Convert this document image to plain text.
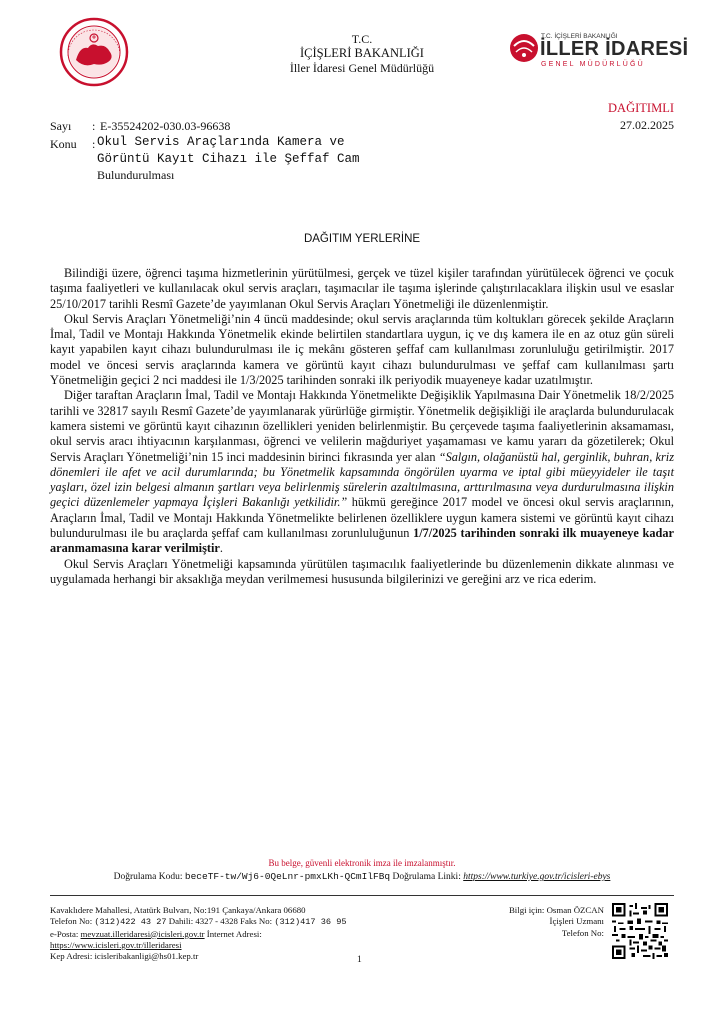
T.C.
İÇİŞLERİ BAKANLIĞI
İller İdaresi Genel Müdürlüğü
T.C. İÇİŞLERİ BAKANLIĞI
İLLER İDARESİ
GENEL MÜDÜRLÜĞÜ
DAĞITIMLI
27.02.2025
Sayı : E-35524202-030.03-96638
Konu : Okul Servis Araçlarında Kamera ve
Görüntü Kayıt Cihazı ile Şeffaf Cam
Bulundurulması
DAĞITIM YERLERİNE

Bilindiği üzere, öğrenci taşıma hizmetlerinin yürütülmesi, gerçek ve tüzel kişiler tarafından yürütülecek öğrenci ve çocuk taşıma faaliyetleri ve kullanılacak okul servis araçları, taşımacılar ile taşıma işlerinde çalıştırılacaklara ilişkin usul ve esaslar 25/10/2017 tarihli Resmî Gazete’de yayımlanan Okul Servis Araçları Yönetmeliği ile düzenlenmiştir.

Okul Servis Araçları Yönetmeliği’nin 4 üncü maddesinde; okul servis araçlarında tüm koltukları görecek şekilde Araçların İmal, Tadil ve Montajı Hakkında Yönetmelik ekinde belirtilen standartlara uygun, iç ve dış kamera ile en az otuz gün süreli kayıt yapabilen kayıt cihazı bulundurulması ile iç mekânı gösteren şeffaf cam kullanılması zorunluluğu getirilmiştir. 2017 model ve öncesi servis araçlarında kamera ve görüntü kayıt cihazı bulundurulması ve şeffaf cam kullanılması şartı Yönetmeliğin geçici 2 nci maddesi ile 1/3/2025 tarihinden sonraki ilk periyodik muayeneye kadar uzatılmıştır.

Diğer taraftan Araçların İmal, Tadil ve Montajı Hakkında Yönetmelikte Değişiklik Yapılmasına Dair Yönetmelik 18/2/2025 tarihli ve 32817 sayılı Resmî Gazete’de yayımlanarak yürürlüğe girmiştir. Yönetmelik değişikliği ile araçlarda bulundurulacak kamera sistemi ve görüntü kayıt cihazının özellikleri yeniden belirlenmiştir. Bu çerçevede taşıma faaliyetlerinin aksamaması, okul servis aracı ihtiyacının karşılanması, öğrenci ve velilerin mağduriyet yaşamaması ve kamu yararı da gözetilerek; Okul Servis Araçları Yönetmeliği’nin 15 inci maddesinin birinci fıkrasında yer alan “Salgın, olağanüstü hal, gerginlik, buhran, kriz dönemleri ile afet ve acil durumlarında; bu Yönetmelik kapsamında öngörülen uyarma ve iptal gibi müeyyideler ile taşıt yaşları, özel izin belgesi almanın şartları veya belirlenmiş sürelerin azaltılmasına, arttırılmasına veya durdurulmasına ilişkin geçici düzenlemeler yapmaya İçişleri Bakanlığı yetkilidir.” hükmü gereğince 2017 model ve öncesi okul servis araçlarının, Araçların İmal, Tadil ve Montajı Hakkında Yönetmelikte belirlenen özelliklere uygun kamera sistemi ve görüntü kayıt cihazı bulundurulması ile bu araçlarda şeffaf cam kullanılması zorunluluğunun 1/7/2025 tarihinden sonraki ilk muayeneye kadar aranmamasına karar verilmiştir.

Okul Servis Araçları Yönetmeliği kapsamında yürütülen taşımacılık faaliyetlerinde bu düzenlemenin dikkate alınması ve uygulamada herhangi bir aksaklığa meydan verilmemesi hususunda bilgilerinizi ve gereğini arz ve rica ederim.

Bu belge, güvenli elektronik imza ile imzalanmıştır.
Doğrulama Kodu: beceTF-tw/Wj6-0QeLnr-pmxLKh-QCmIlFBq Doğrulama Linki: https://www.turkiye.gov.tr/icisleri-ebys
Kavaklıdere Mahallesi, Atatürk Bulvarı, No:191 Çankaya/Ankara 06680
Telefon No: (312)422 43 27 Dahili: 4327 - 4328 Faks No: (312)417 36 95
e-Posta: mevzuat.illeridaresi@icisleri.gov.tr İnternet Adresi:
https://www.icisleri.gov.tr/illeridaresi
Kep Adresi: icisleribakanligi@hs01.kep.tr	1
Bilgi için: Osman ÖZCAN
İçişleri Uzmanı
Telefon No:
